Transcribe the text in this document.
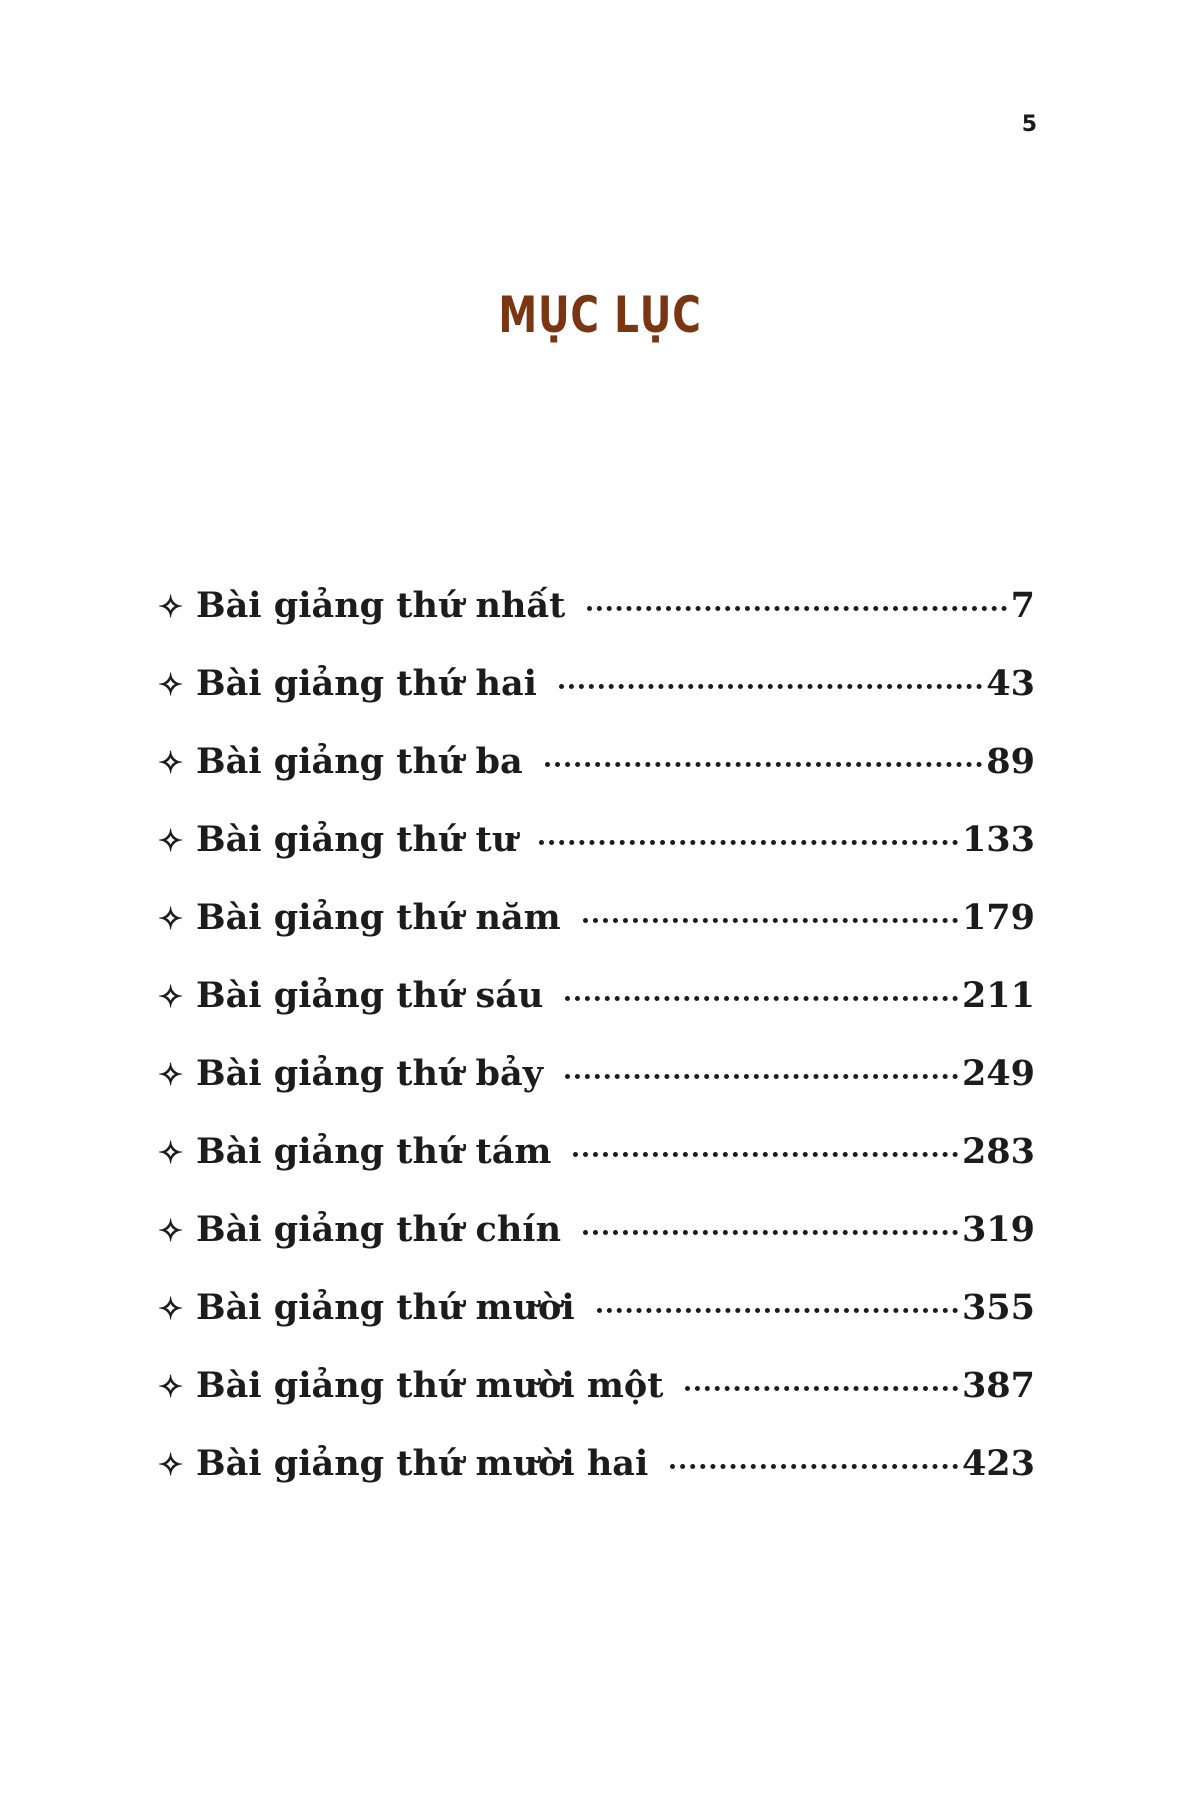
5
MỤC LỤC
✧ Bài giảng thứ nhất	7
✧ Bài giảng thứ hai	43
✧ Bài giảng thứ ba	89
✧ Bài giảng thứ tư	133
✧ Bài giảng thứ năm	179
✧ Bài giảng thứ sáu	211
✧ Bài giảng thứ bảy	249
✧ Bài giảng thứ tám	283
✧ Bài giảng thứ chín	319
✧ Bài giảng thứ mười	355
✧ Bài giảng thứ mười một	387
✧ Bài giảng thứ mười hai	423
